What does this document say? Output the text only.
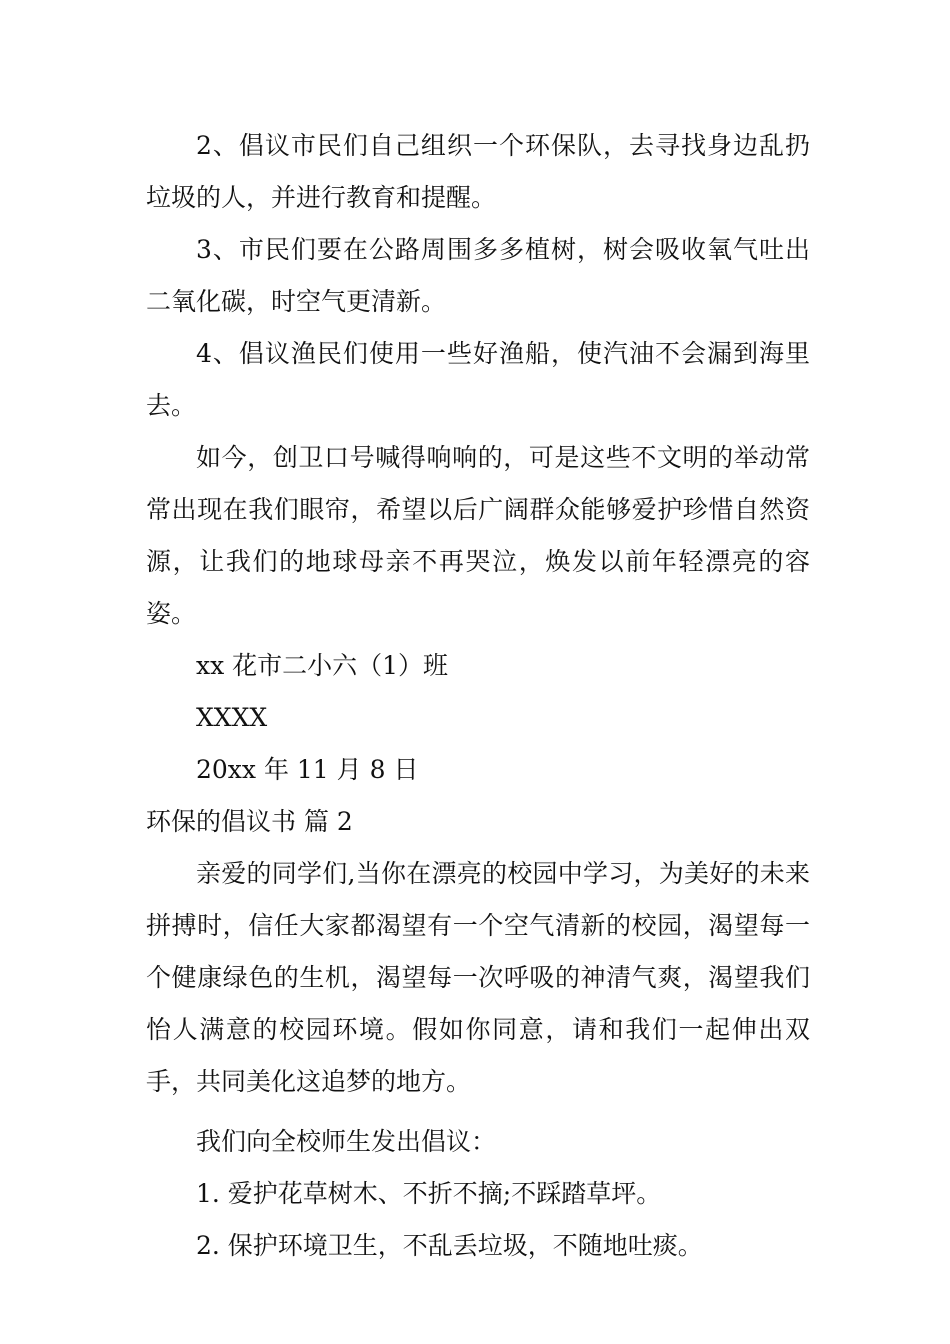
2、倡议市民们自己组织一个环保队，去寻找身边乱扔垃圾的人，并进行教育和提醒。

3、市民们要在公路周围多多植树，树会吸收氧气吐出二氧化碳，时空气更清新。

4、倡议渔民们使用一些好渔船，使汽油不会漏到海里去。

如今，创卫口号喊得响响的，可是这些不文明的举动常常出现在我们眼帘，希望以后广阔群众能够爱护珍惜自然资源，让我们的地球母亲不再哭泣，焕发以前年轻漂亮的容姿。

xx 花市二小六（1）班

XXXX

20xx 年 11 月 8 日

环保的倡议书 篇 2

亲爱的同学们,当你在漂亮的校园中学习，为美好的未来拼搏时，信任大家都渴望有一个空气清新的校园，渴望每一个健康绿色的生机，渴望每一次呼吸的神清气爽，渴望我们怡人满意的校园环境。假如你同意，请和我们一起伸出双手，共同美化这追梦的地方。

我们向全校师生发出倡议：

1. 爱护花草树木、不折不摘;不踩踏草坪。

2. 保护环境卫生，不乱丢垃圾，不随地吐痰。
